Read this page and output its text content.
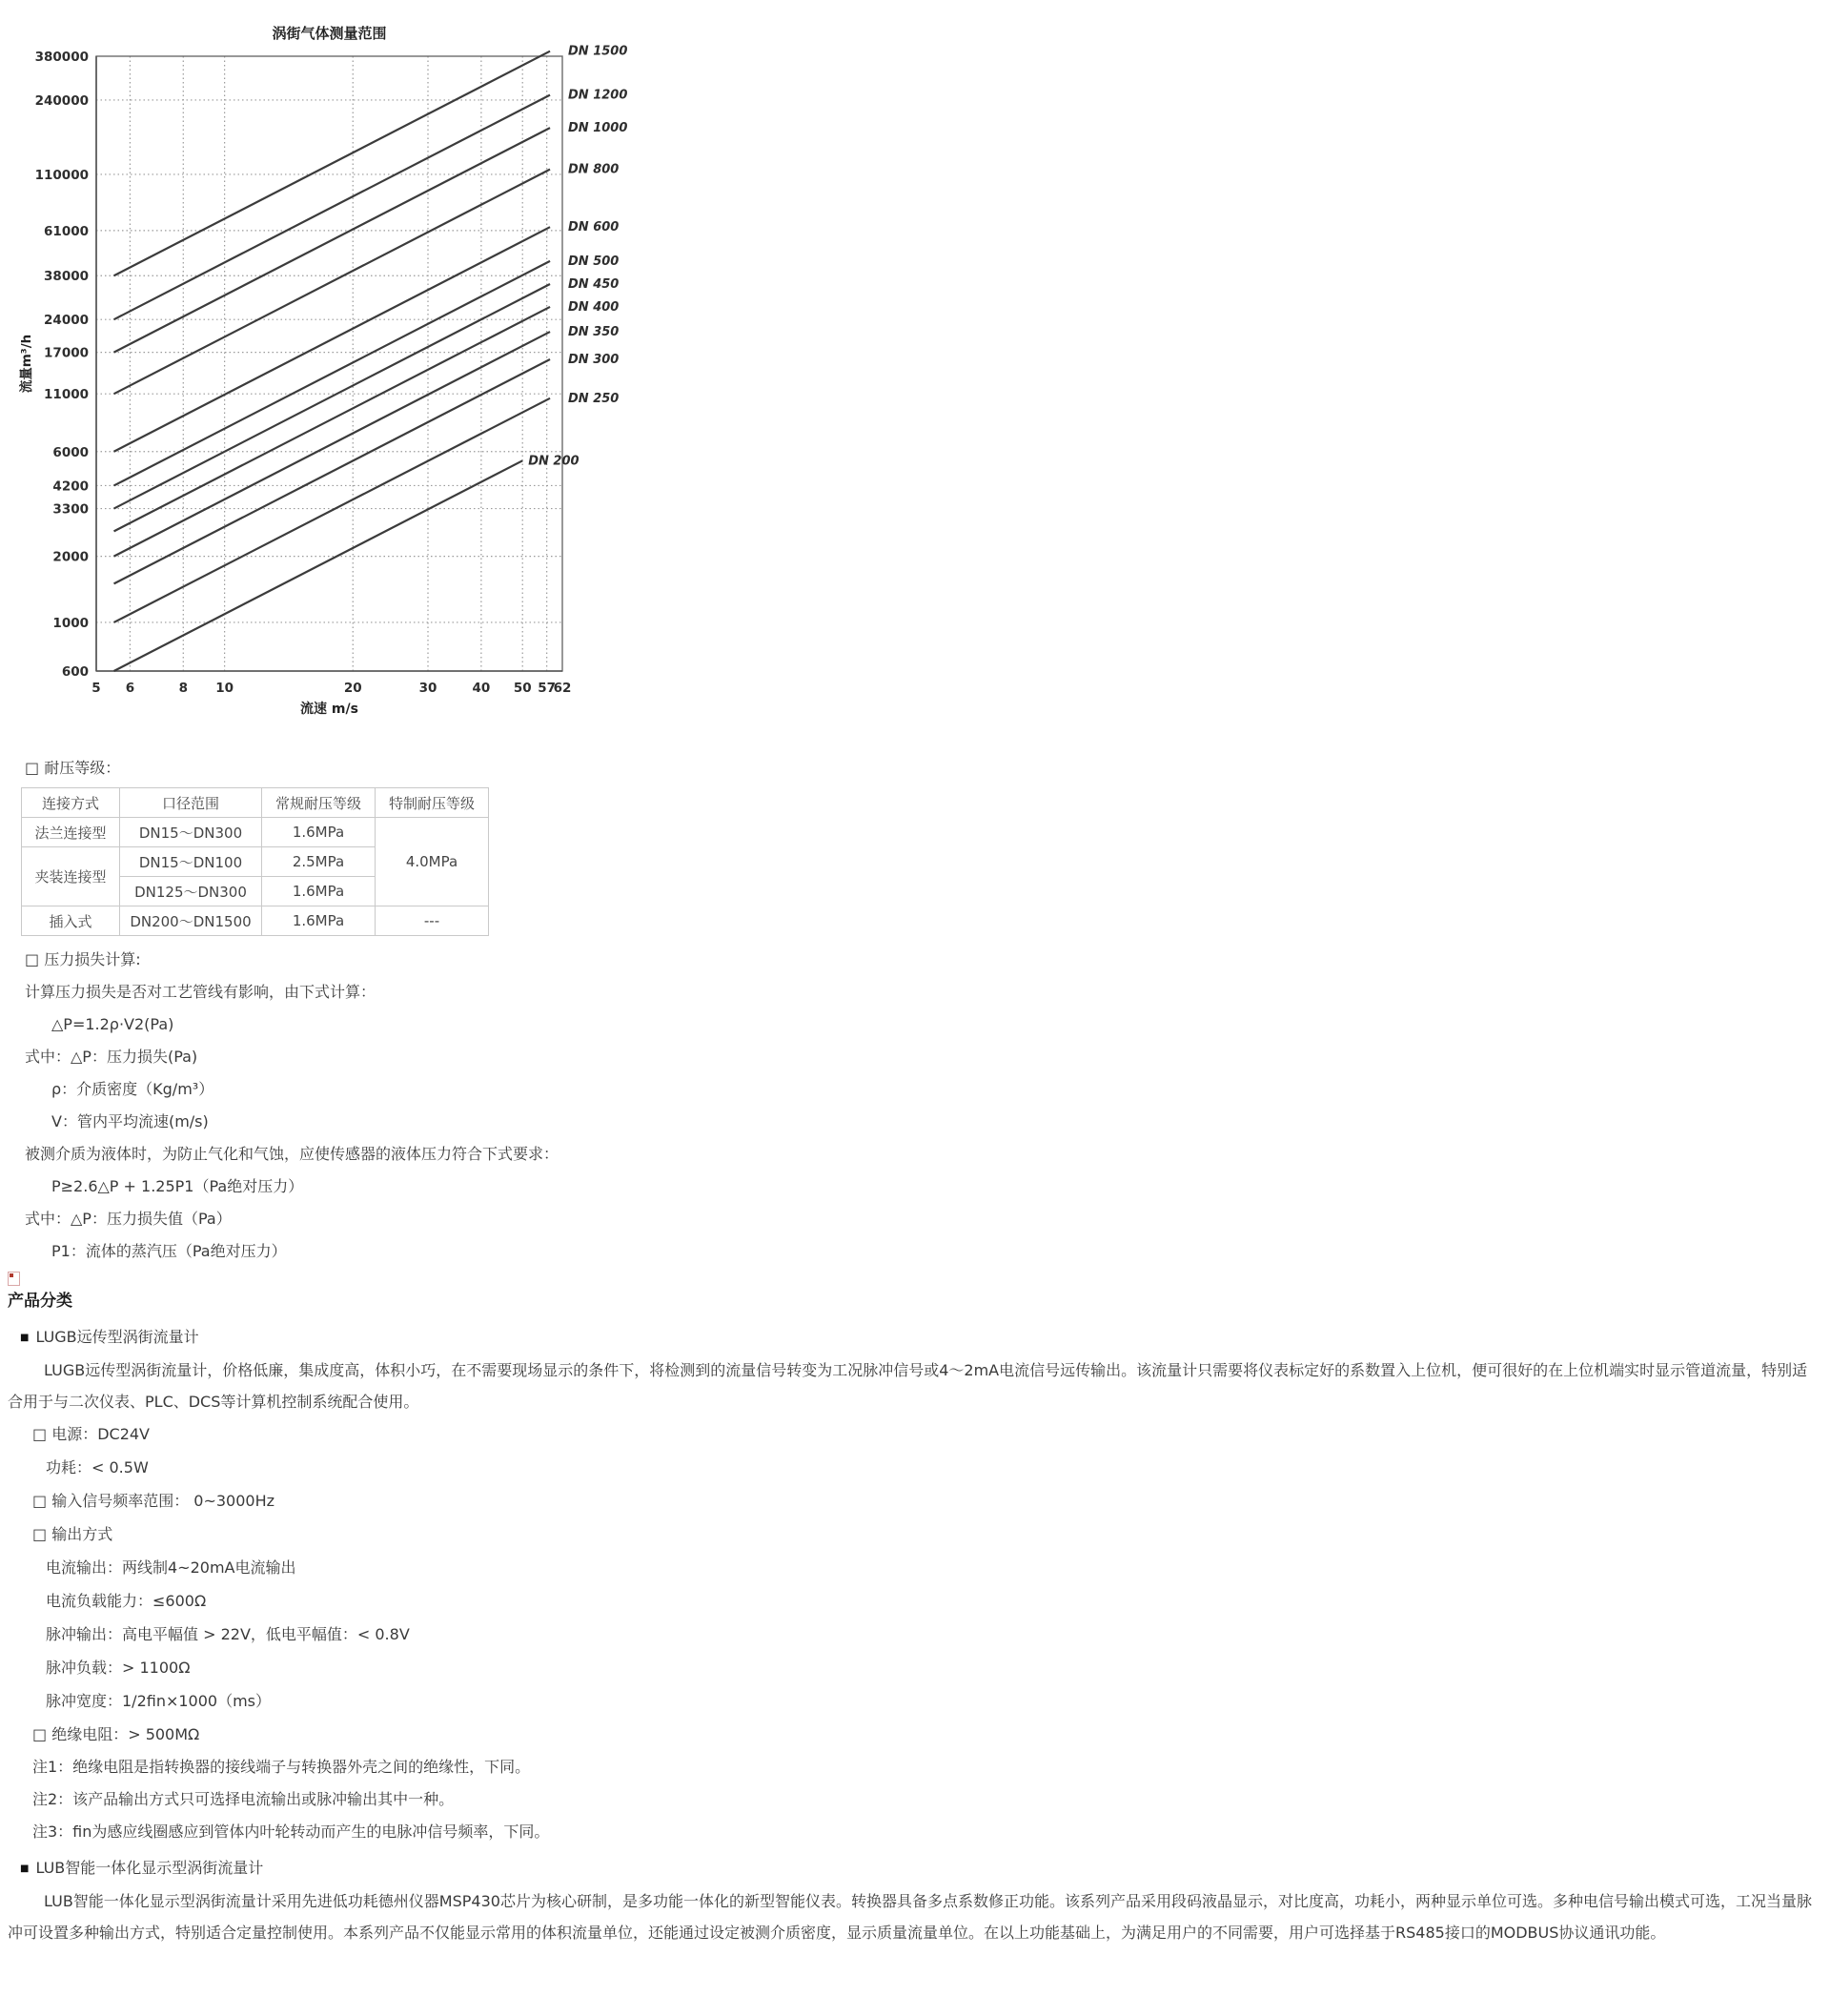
380000
240000
110000
61000
38000
24000
17000
11000
6000
4200
3300
2000
1000
600
5 6	8 10	20	30	40 50 57
62
DN 1500
DN 1200
DN 1000
DN 800
DN 600
DN 500
DN 450
DN 400
DN 350
DN 300
DN 250
DN 200
涡街气体测量范围
流速 m/s
流量m³/h
□ 耐压等级：
连接方式	口径范围	常规耐压等级	特制耐压等级
法兰连接型	DN15～DN300	1.6MPa	4.0MPa
夹装连接型	DN15～DN100	2.5MPa	
	DN125～DN300	1.6MPa	
插入式	DN200～DN1500	1.6MPa	---
□ 压力损失计算:
计算压力损失是否对工艺管线有影响，由下式计算：
△P=1.2ρ·V2(Pa)
式中：△P：压力损失(Pa)
ρ：介质密度（Kg/m³）
V：管内平均流速(m/s)
被测介质为液体时，为防止气化和气蚀，应使传感器的液体压力符合下式要求：
P≥2.6△P + 1.25P1（Pa绝对压力）
式中：△P：压力损失值（Pa）
P1：流体的蒸汽压（Pa绝对压力）
产品分类
■ LUGB远传型涡街流量计
LUGB远传型涡街流量计，价格低廉，集成度高，体积小巧，在不需要现场显示的条件下，将检测到的流量信号转变为工况脉冲信号或4～2mA电流信号远传输出。该流量计只需要将仪表标定好的系数置入上位机，便可很好的在上位机端实时显示管道流量，特别适合用于与二次仪表、PLC、DCS等计算机控制系统配合使用。
□ 电源：DC24V
功耗：< 0.5W
□ 输入信号频率范围： 0~3000Hz
□ 输出方式
电流输出：两线制4~20mA电流输出
电流负载能力：≤600Ω
脉冲输出：高电平幅值 > 22V，低电平幅值：< 0.8V
脉冲负载：> 1100Ω
脉冲宽度：1/2fin×1000（ms）
□ 绝缘电阻：> 500MΩ
注1：绝缘电阻是指转换器的接线端子与转换器外壳之间的绝缘性，下同。
注2：该产品输出方式只可选择电流输出或脉冲输出其中一种。
注3：fin为感应线圈感应到管体内叶轮转动而产生的电脉冲信号频率，下同。
■ LUB智能一体化显示型涡街流量计
LUB智能一体化显示型涡街流量计采用先进低功耗德州仪器MSP430芯片为核心研制，是多功能一体化的新型智能仪表。转换器具备多点系数修正功能。该系列产品采用段码液晶显示，对比度高，功耗小，两种显示单位可选。多种电信号输出模式可选，工况当量脉冲可设置多种输出方式，特别适合定量控制使用。本系列产品不仅能显示常用的体积流量单位，还能通过设定被测介质密度，显示质量流量单位。在以上功能基础上，为满足用户的不同需要，用户可选择基于RS485接口的MODBUS协议通讯功能。
